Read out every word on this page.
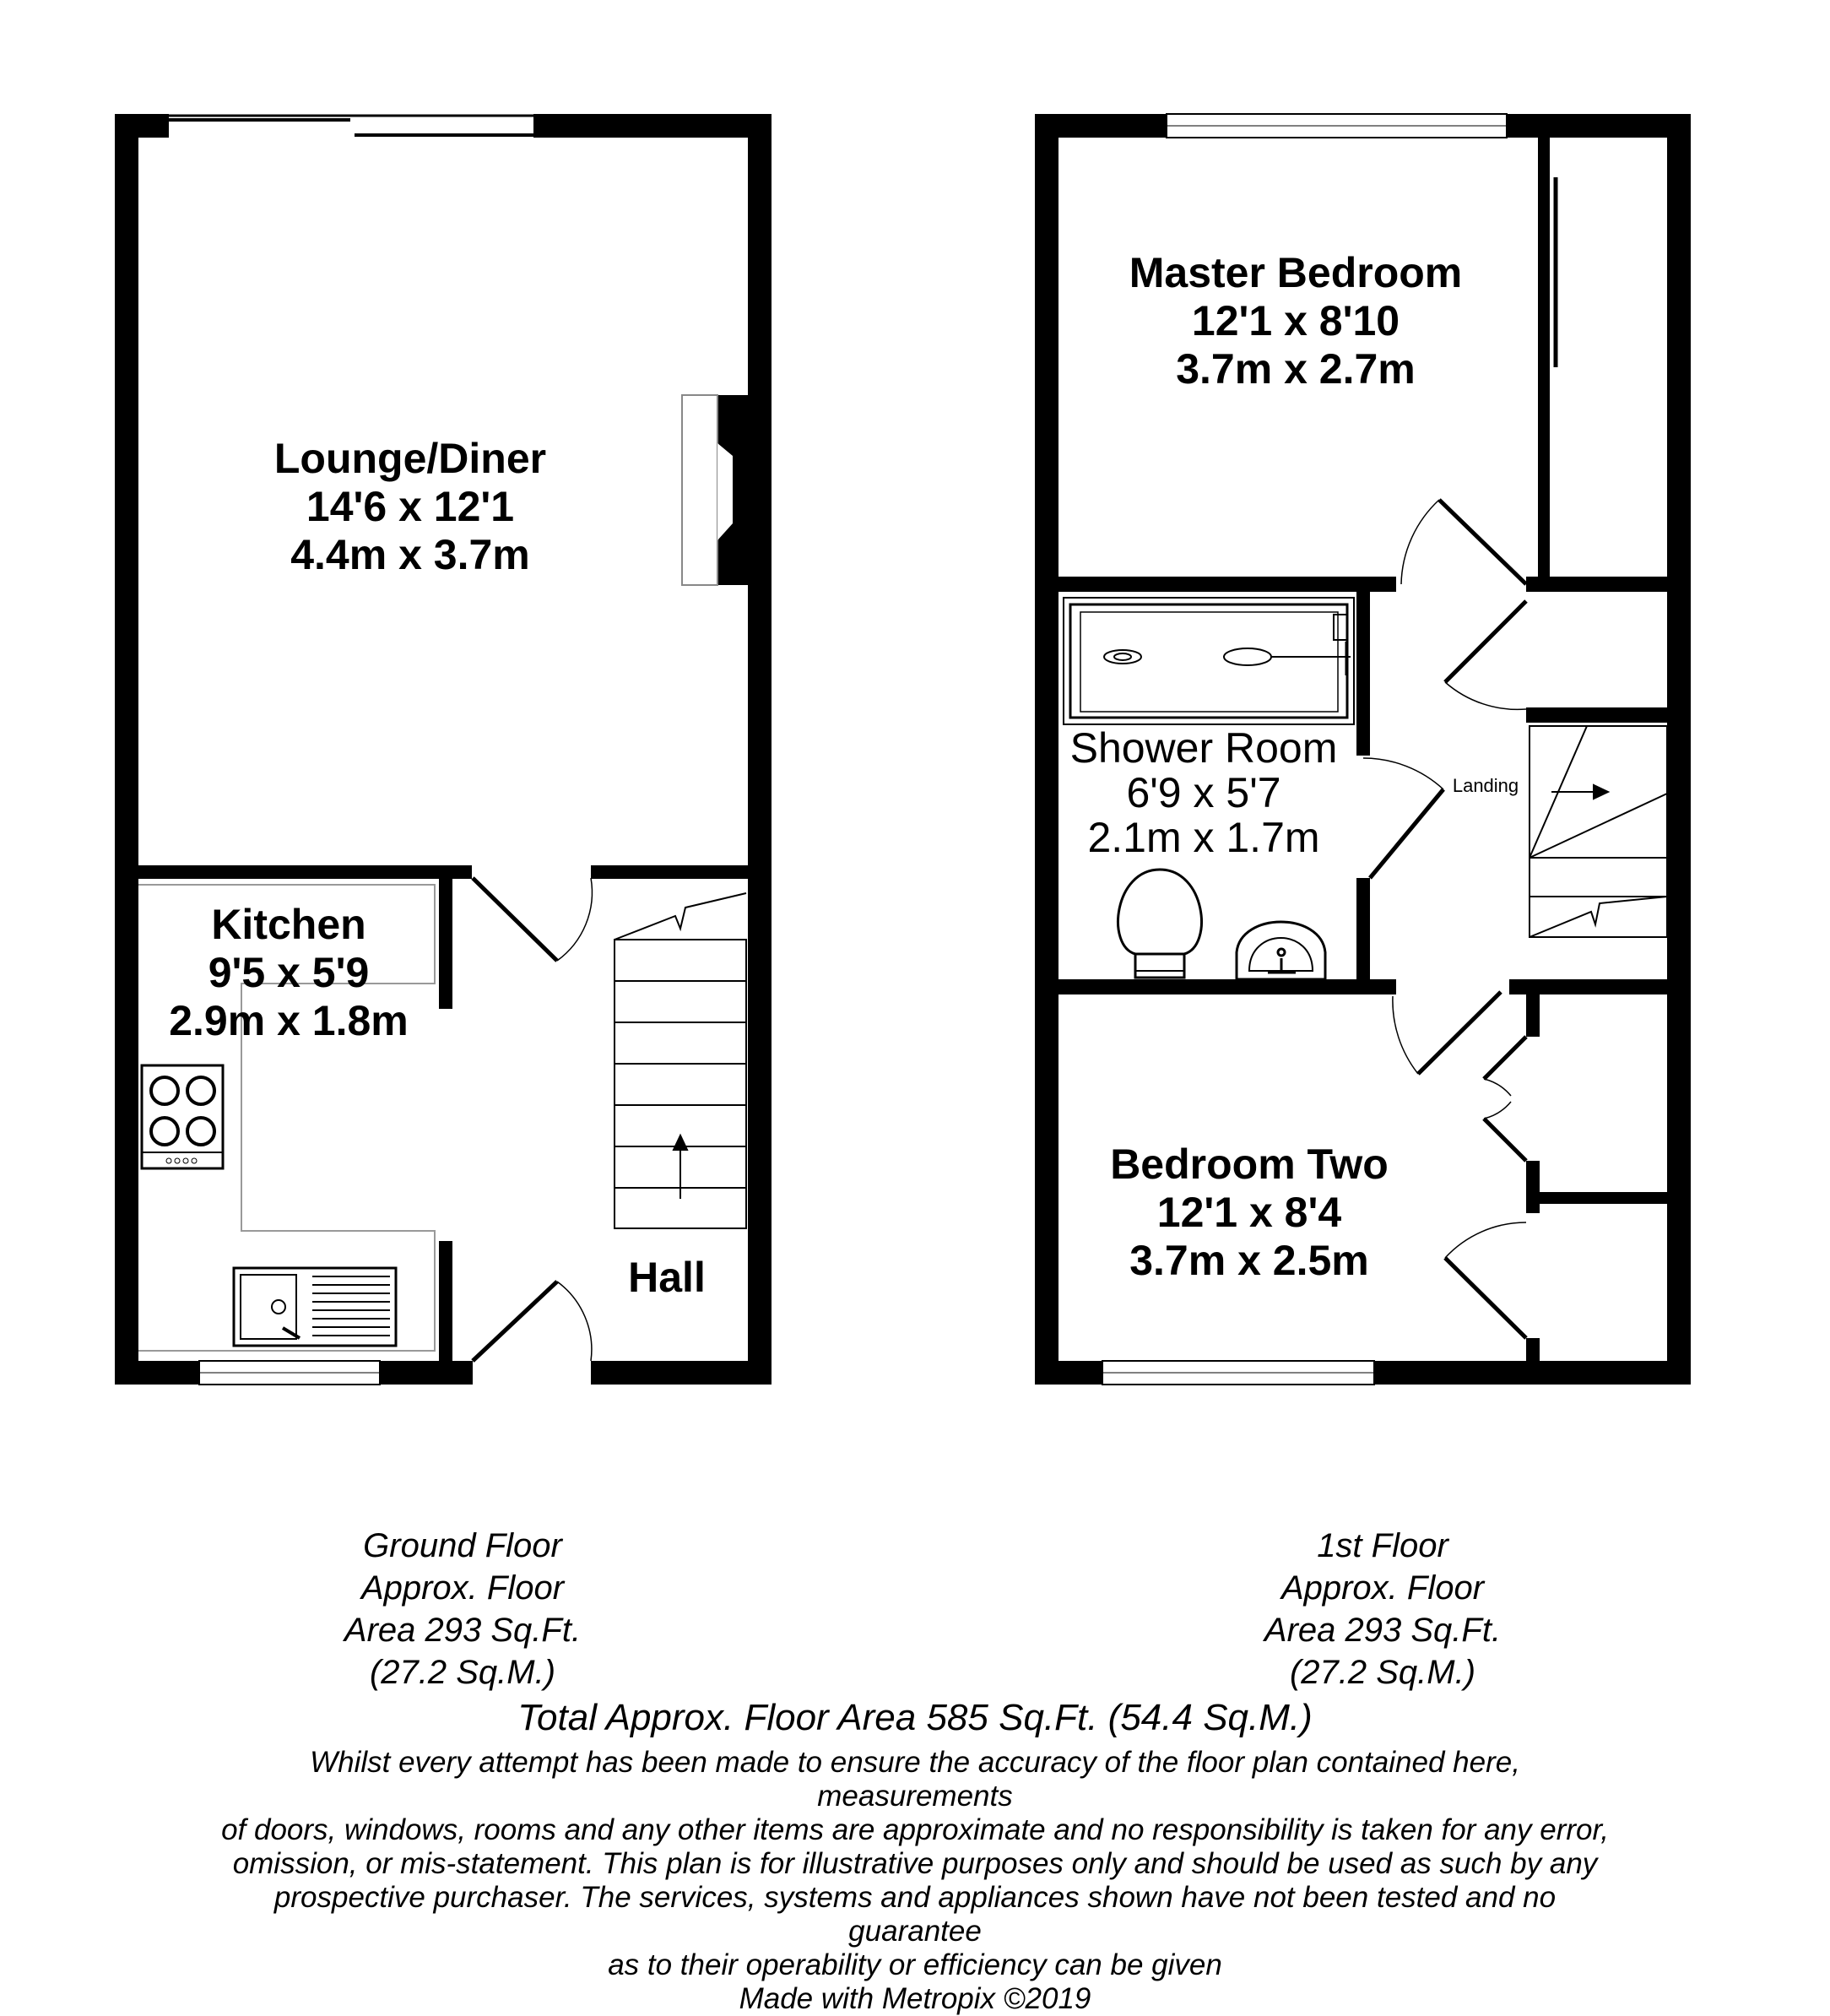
Lounge/Diner
14'6 x 12'1
4.4m x 3.7m
Kitchen
9'5 x 5'9
2.9m x 1.8m
Hall
Master Bedroom
12'1 x 8'10
3.7m x 2.7m
Shower Room
6'9 x 5'7
2.1m x 1.7m
Landing
Bedroom Two
12'1 x 8'4
3.7m x 2.5m
Ground Floor
Approx. Floor
Area 293 Sq.Ft.
(27.2 Sq.M.)
1st Floor
Approx. Floor
Area 293 Sq.Ft.
(27.2 Sq.M.)
Total Approx. Floor Area 585 Sq.Ft. (54.4 Sq.M.)
Whilst every attempt has been made to ensure the accuracy of the floor plan contained here, measurements
of doors, windows, rooms and any other items are approximate and no responsibility is taken for any error,
omission, or mis-statement. This plan is for illustrative purposes only and should be used as such by any
prospective purchaser. The services, systems and appliances shown have not been tested and no guarantee
as to their operability or efficiency can be given
Made with Metropix ©2019
